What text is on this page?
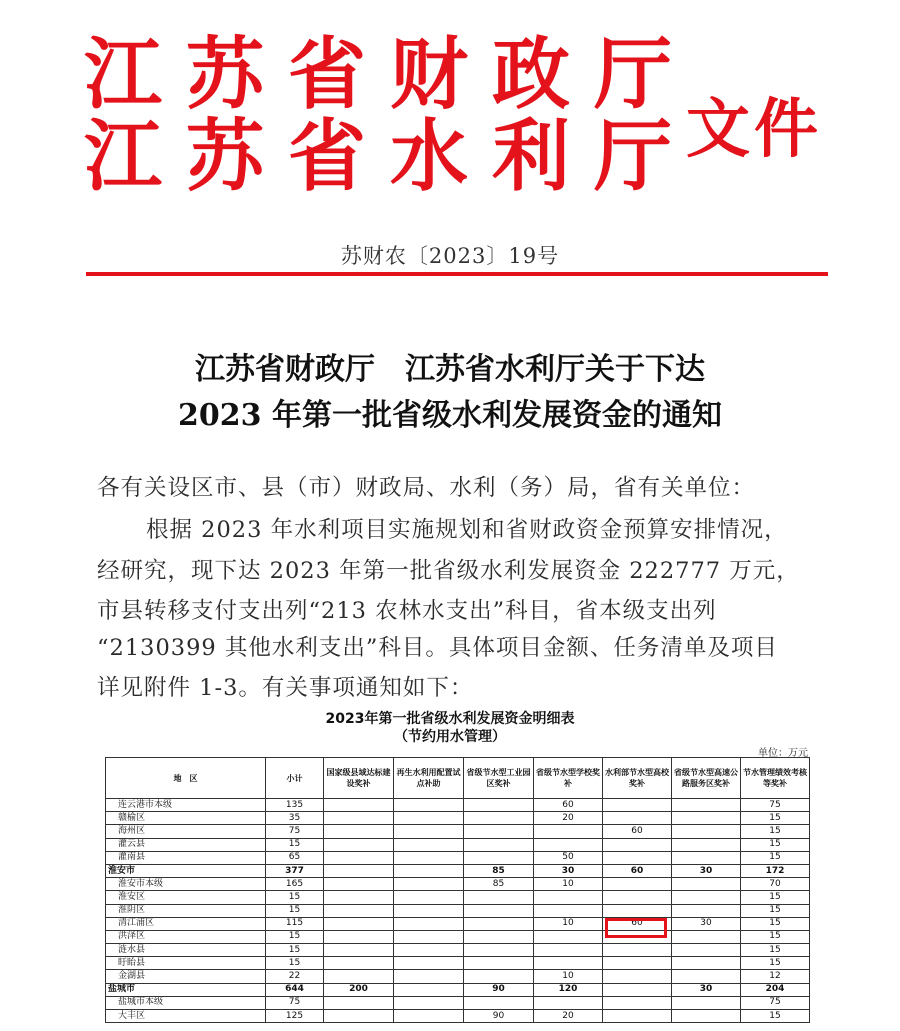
江苏省财政厅
江苏省水利厅
文件
苏财农〔2023〕19号
江苏省财政厅　江苏省水利厅关于下达
2023 年第一批省级水利发展资金的通知
各有关设区市、县（市）财政局、水利（务）局，省有关单位：
根据 2023 年水利项目实施规划和省财政资金预算安排情况，
经研究，现下达 2023 年第一批省级水利发展资金 222777 万元，
市县转移支付支出列“213 农林水支出”科目，省本级支出列
“2130399 其他水利支出”科目。具体项目金额、任务清单及项目
详见附件 1-3。有关事项通知如下：
2023年第一批省级水利发展资金明细表
（节约用水管理）
单位：万元
地　区	小计	国家级县域达标建设奖补	再生水利用配置试点补助	省级节水型工业园区奖补	省级节水型学校奖补	水利部节水型高校奖补	省级节水型高速公路服务区奖补	节水管理绩效考核等奖补
连云港市本级	135				60			75
赣榆区	35				20			15
海州区	75					60		15
灌云县	15							15
灌南县	65				50			15
淮安市	377			85	30	60	30	172
淮安市本级	165			85	10			70
淮安区	15							15
淮阴区	15							15
清江浦区	115				10	60	30	15
洪泽区	15							15
涟水县	15							15
盱眙县	15							15
金湖县	22				10			12
盐城市	644	200		90	120		30	204
盐城市本级	75							75
大丰区	125			90	20			15
